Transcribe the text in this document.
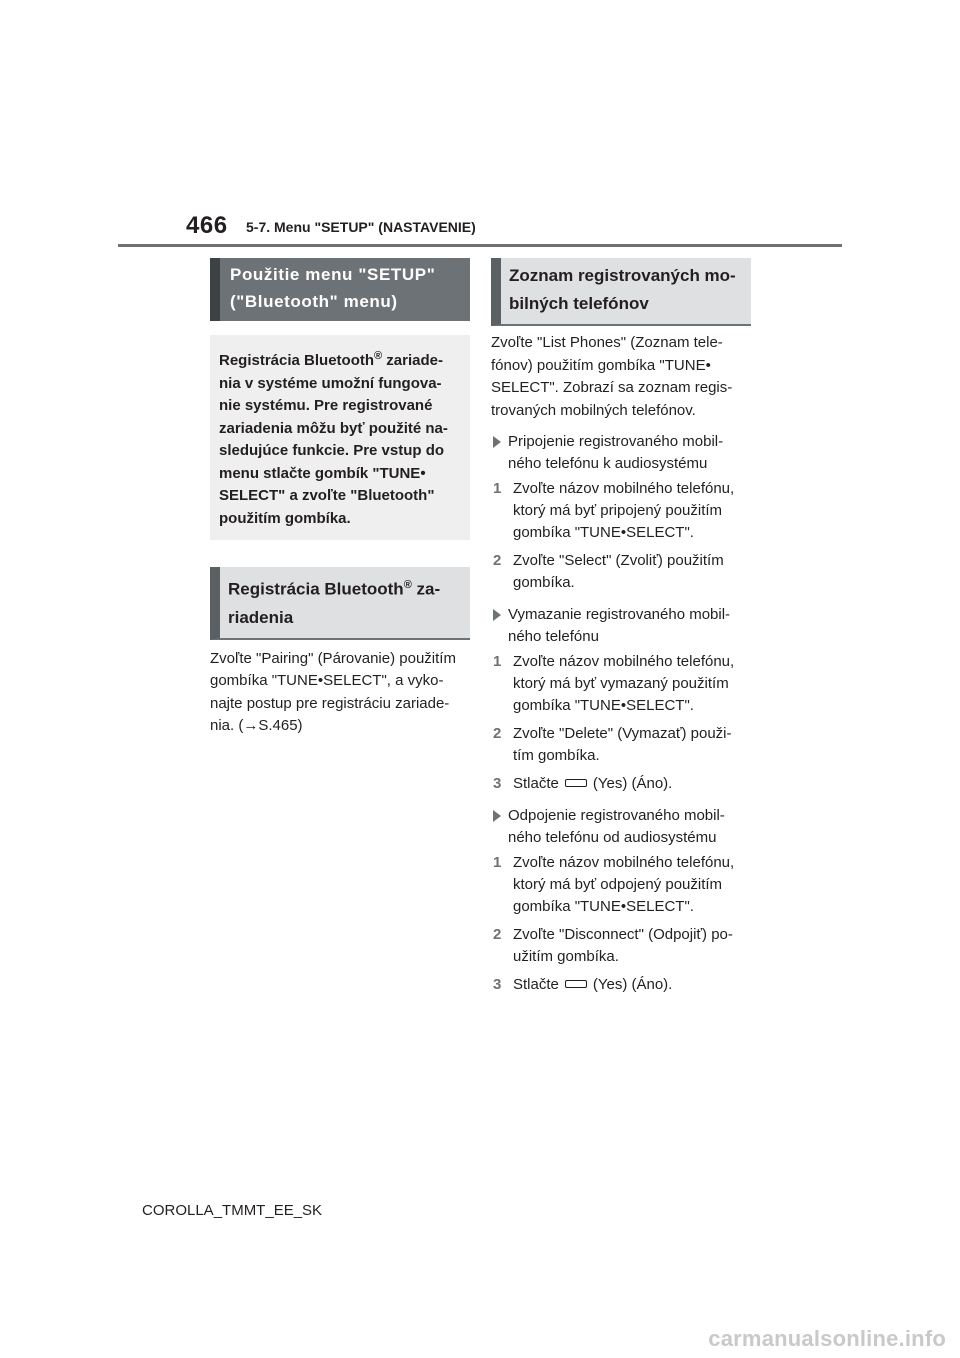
466 5-7. Menu "SETUP" (NASTAVENIE)
Použitie menu "SETUP"
("Bluetooth" menu)
Registrácia Bluetooth® zariade-nia v systéme umožní fungova-nie systému. Pre registrované zariadenia môžu byť použité na-sledujúce funkcie. Pre vstup do menu stlačte gombík "TUNE• SELECT" a zvoľte "Bluetooth" použitím gombíka.
Registrácia Bluetooth® za-riadenia

Zvoľte "Pairing" (Párovanie) použitím gombíka "TUNE•SELECT", a vyko-najte postup pre registráciu zariade-nia. (→S.465)

Zoznam registrovaných mo-bilných telefónov

Zvoľte "List Phones" (Zoznam tele-fónov) použitím gombíka "TUNE• SELECT". Zobrazí sa zoznam regis-trovaných mobilných telefónov.

Pripojenie registrovaného mobil-ného telefónu k audiosystému
1 Zvoľte názov mobilného telefónu, ktorý má byť pripojený použitím gombíka "TUNE•SELECT".
2 Zvoľte "Select" (Zvoliť) použitím gombíka.
Vymazanie registrovaného mobil-ného telefónu
1 Zvoľte názov mobilného telefónu, ktorý má byť vymazaný použitím gombíka "TUNE•SELECT".
2 Zvoľte "Delete" (Vymazať) použi-tím gombíka.
3 Stlačte (Yes) (Áno).
Odpojenie registrovaného mobil-ného telefónu od audiosystému
1 Zvoľte názov mobilného telefónu, ktorý má byť odpojený použitím gombíka "TUNE•SELECT".
2 Zvoľte "Disconnect" (Odpojiť) po-užitím gombíka.
3 Stlačte (Yes) (Áno).
COROLLA_TMMT_EE_SK
carmanualsonline.info
